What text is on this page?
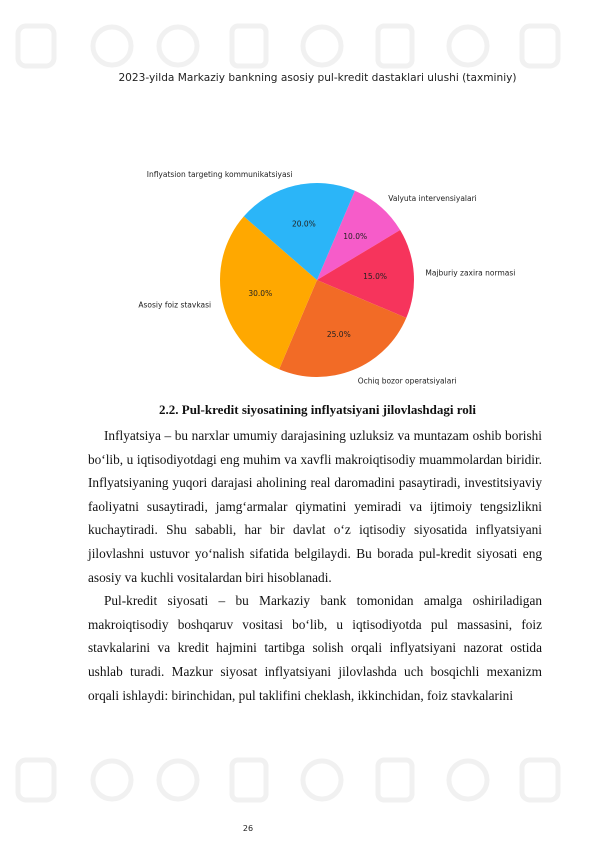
2023-yilda Markaziy bankning asosiy pul-kredit dastaklari ulushi (taxminiy)
10.0%
Valyuta intervensiyalari
15.0%	Majburiy zaxira normasi
25.0%
Ochiq bozor operatsiyalari
30.0%
Asosiy foiz stavkasi
20.0%
Inflyatsion targeting kommunikatsiyasi
2.2. Pul-kredit siyosatining inflyatsiyani jilovlashdagi roli

Inflyatsiya – bu narxlar umumiy darajasining uzluksiz va muntazam oshib borishi bo‘lib, u iqtisodiyotdagi eng muhim va xavfli makroiqtisodiy muammolardan biridir. Inflyatsiyaning yuqori darajasi aholining real daromadini pasaytiradi, investitsiyaviy faoliyatni susaytiradi, jamg‘armalar qiymatini yemiradi va ijtimoiy tengsizlikni kuchaytiradi. Shu sababli, har bir davlat o‘z iqtisodiy siyosatida inflyatsiyani jilovlashni ustuvor yo‘nalish sifatida belgilaydi. Bu borada pul-kredit siyosati eng asosiy va kuchli vositalardan biri hisoblanadi.

Pul-kredit siyosati – bu Markaziy bank tomonidan amalga oshiriladigan makroiqtisodiy boshqaruv vositasi bo‘lib, u iqtisodiyotda pul massasini, foiz stavkalarini va kredit hajmini tartibga solish orqali inflyatsiyani nazorat ostida ushlab turadi. Mazkur siyosat inflyatsiyani jilovlashda uch bosqichli mexanizm orqali ishlaydi: birinchidan, pul taklifini cheklash, ikkinchidan, foiz stavkalarini

26
